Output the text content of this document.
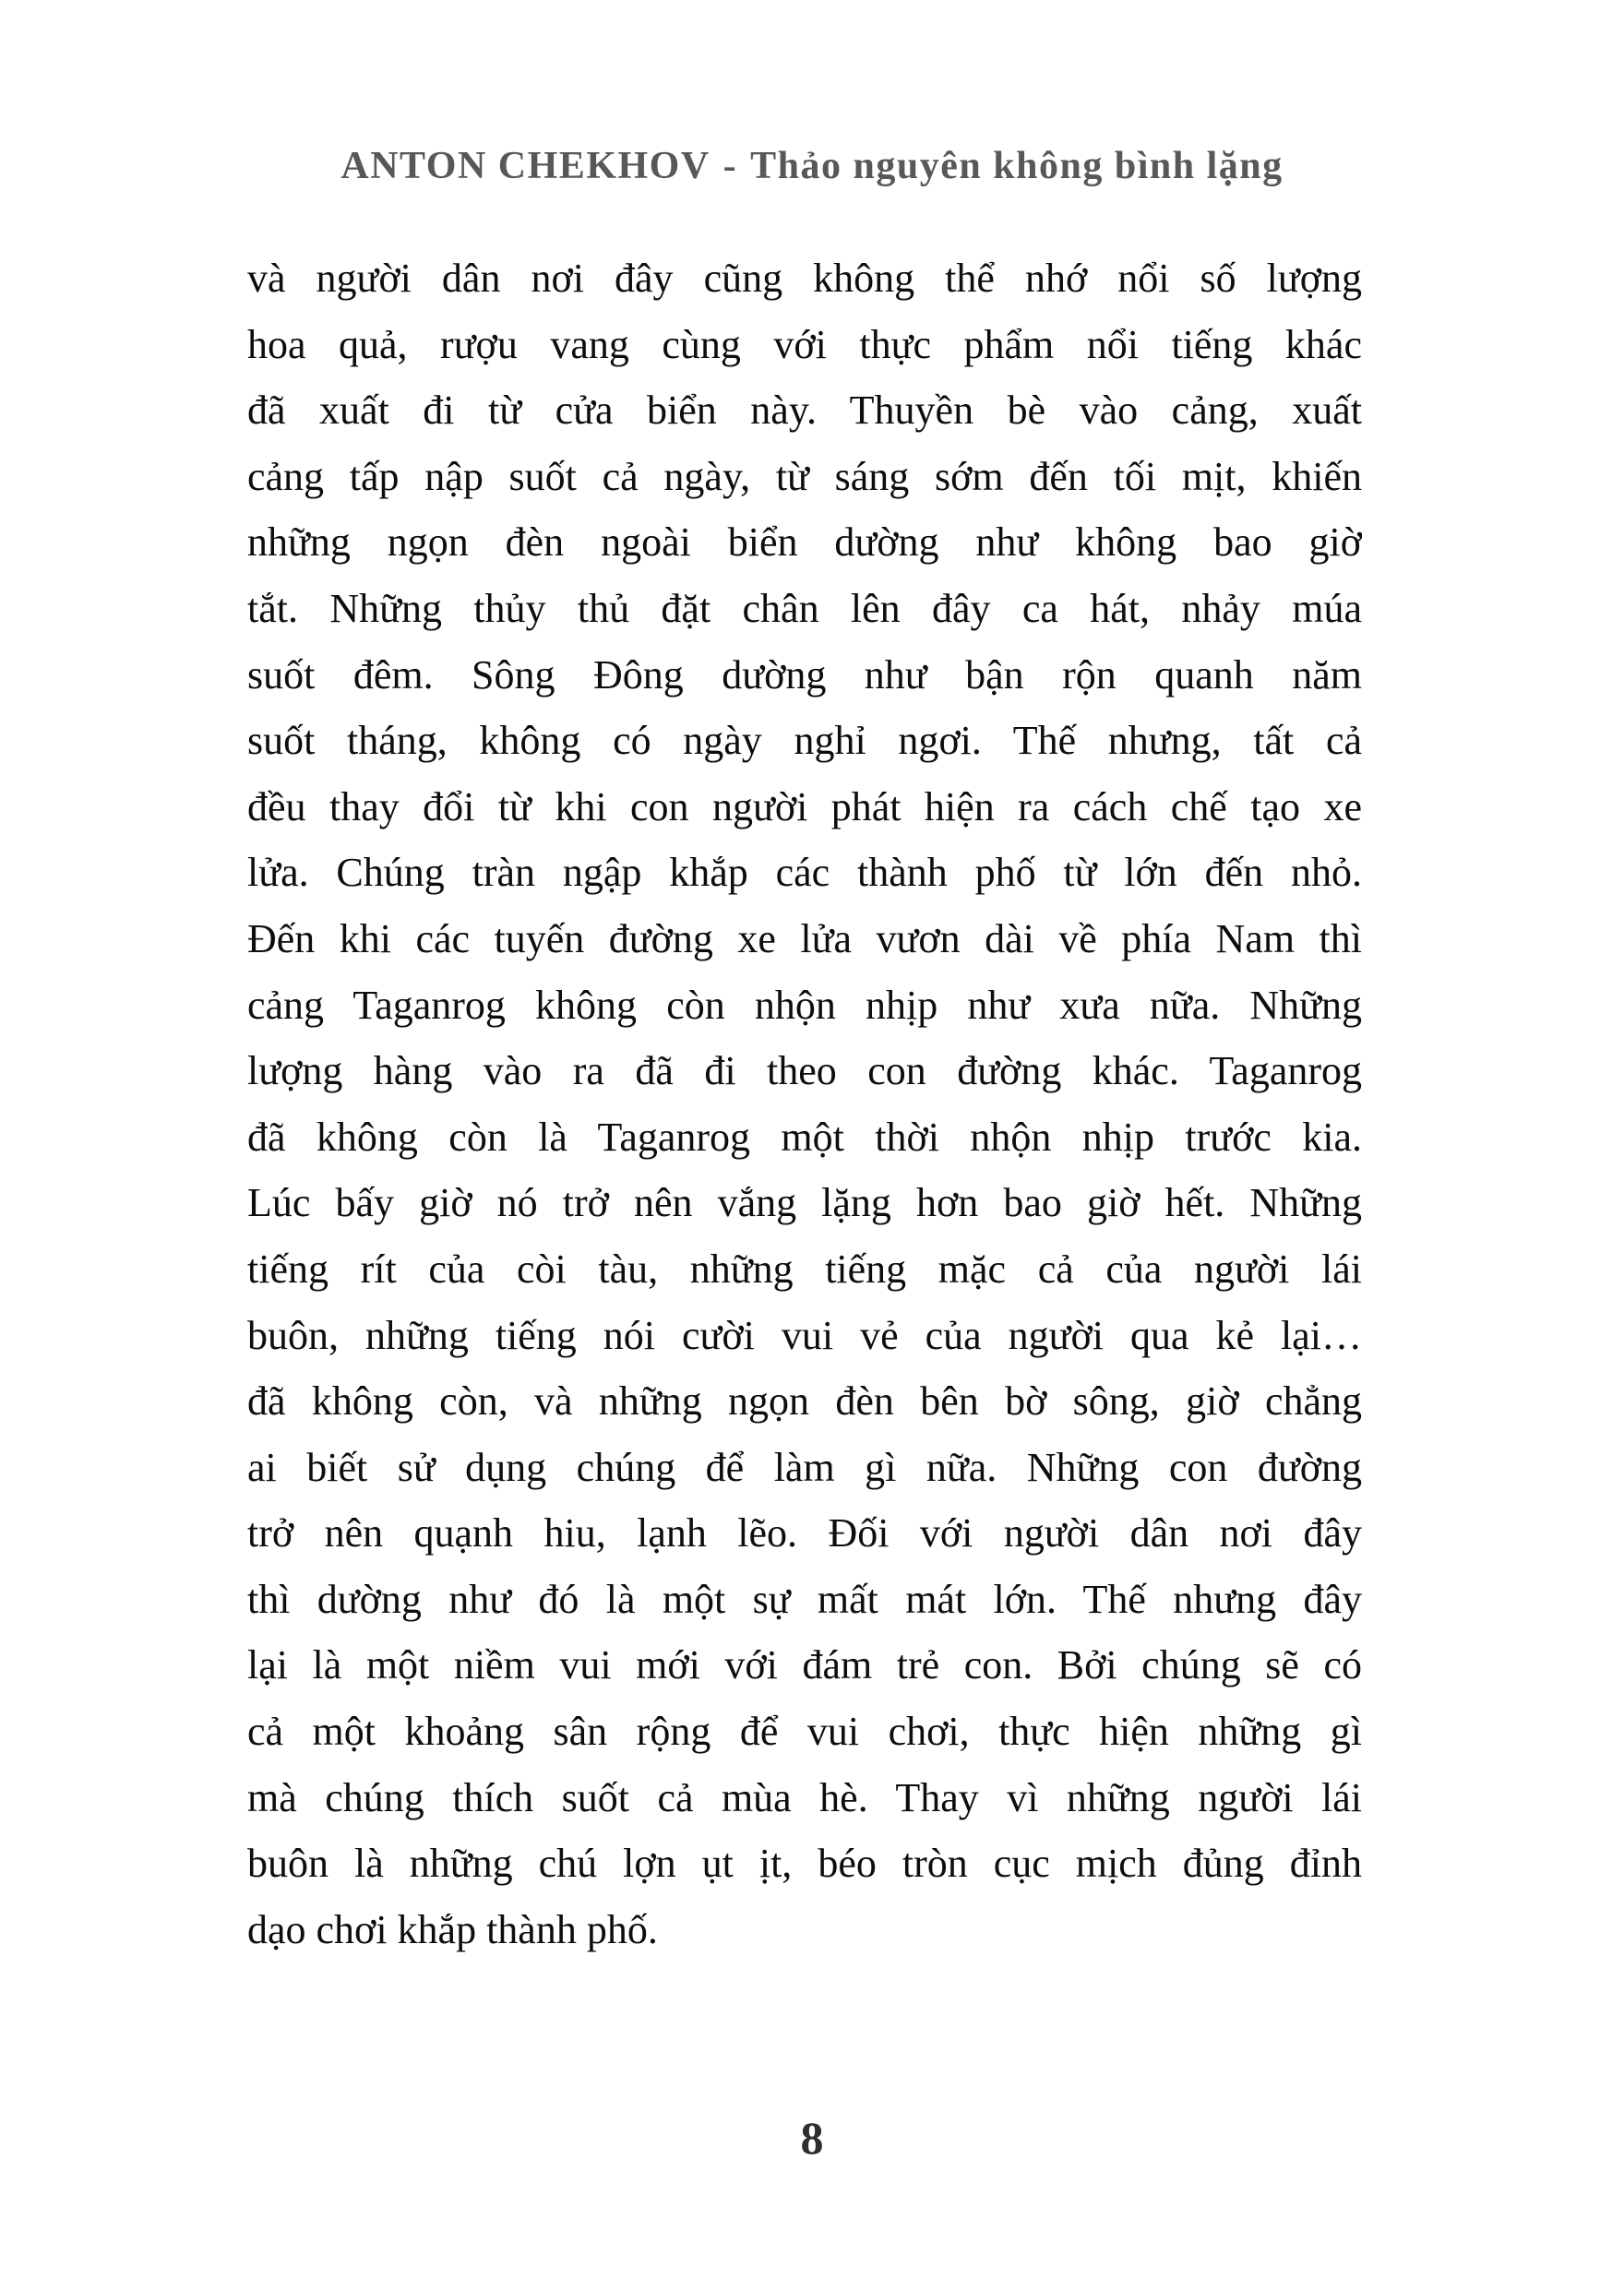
ANTON CHEKHOV - Thảo nguyên không bình lặng
và người dân nơi đây cũng không thể nhớ nổi số lượng
hoa quả, rượu vang cùng với thực phẩm nổi tiếng khác
đã xuất đi từ cửa biển này. Thuyền bè vào cảng, xuất
cảng tấp nập suốt cả ngày, từ sáng sớm đến tối mịt, khiến
những ngọn đèn ngoài biển dường như không bao giờ
tắt. Những thủy thủ đặt chân lên đây ca hát, nhảy múa
suốt đêm. Sông Đông dường như bận rộn quanh năm
suốt tháng, không có ngày nghỉ ngơi. Thế nhưng, tất cả
đều thay đổi từ khi con người phát hiện ra cách chế tạo xe
lửa. Chúng tràn ngập khắp các thành phố từ lớn đến nhỏ.
Đến khi các tuyến đường xe lửa vươn dài về phía Nam thì
cảng Taganrog không còn nhộn nhịp như xưa nữa. Những
lượng hàng vào ra đã đi theo con đường khác. Taganrog
đã không còn là Taganrog một thời nhộn nhịp trước kia.
Lúc bấy giờ nó trở nên vắng lặng hơn bao giờ hết. Những
tiếng rít của còi tàu, những tiếng mặc cả của người lái
buôn, những tiếng nói cười vui vẻ của người qua kẻ lại…
đã không còn, và những ngọn đèn bên bờ sông, giờ chẳng
ai biết sử dụng chúng để làm gì nữa. Những con đường
trở nên quạnh hiu, lạnh lẽo. Đối với người dân nơi đây
thì dường như đó là một sự mất mát lớn. Thế nhưng đây
lại là một niềm vui mới với đám trẻ con. Bởi chúng sẽ có
cả một khoảng sân rộng để vui chơi, thực hiện những gì
mà chúng thích suốt cả mùa hè. Thay vì những người lái
buôn là những chú lợn ụt ịt, béo tròn cục mịch đủng đỉnh
dạo chơi khắp thành phố.
8
